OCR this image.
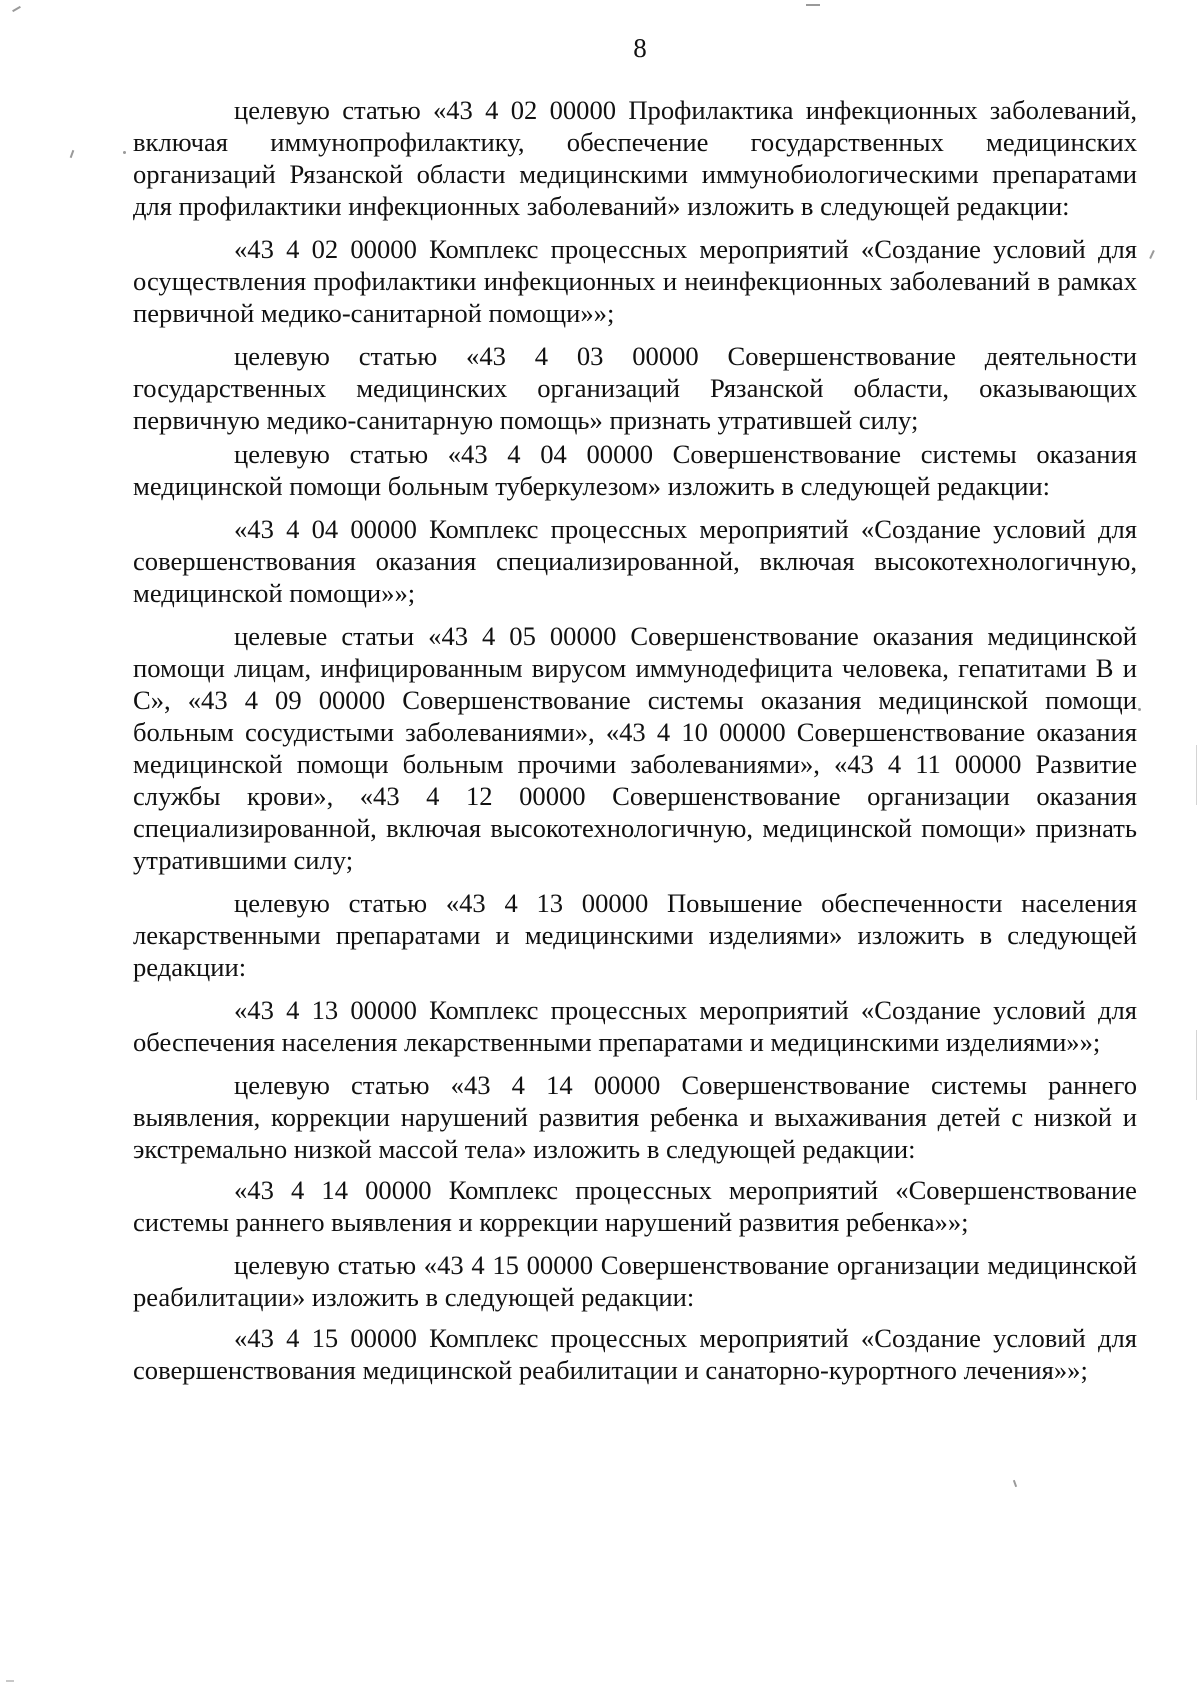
8

целевую статью «43 4 02 00000 Профилактика инфекционных заболеваний, включая иммунопрофилактику, обеспечение государственных медицинских организаций Рязанской области медицинскими иммунобиологическими препаратами для профилактики инфекционных заболеваний» изложить в следующей редакции:

«43 4 02 00000 Комплекс процессных мероприятий «Создание условий для осуществления профилактики инфекционных и неинфекционных заболеваний в рамках первичной медико-санитарной помощи»»;

целевую статью «43 4 03 00000 Совершенствование деятельности государственных медицинских организаций Рязанской области, оказывающих первичную медико-санитарную помощь» признать утратившей силу;

целевую статью «43 4 04 00000 Совершенствование системы оказания медицинской помощи больным туберкулезом» изложить в следующей редакции:

«43 4 04 00000 Комплекс процессных мероприятий «Создание условий для совершенствования оказания специализированной, включая высокотехнологичную, медицинской помощи»»;

целевые статьи «43 4 05 00000 Совершенствование оказания медицинской помощи лицам, инфицированным вирусом иммунодефицита человека, гепатитами В и С», «43 4 09 00000 Совершенствование системы оказания медицинской помощи больным сосудистыми заболеваниями», «43 4 10 00000 Совершенствование оказания медицинской помощи больным прочими заболеваниями», «43 4 11 00000 Развитие службы крови», «43 4 12 00000 Совершенствование организации оказания специализированной, включая высокотехнологичную, медицинской помощи» признать утратившими силу;

целевую статью «43 4 13 00000 Повышение обеспеченности населения лекарственными препаратами и медицинскими изделиями» изложить в следующей редакции:

«43 4 13 00000 Комплекс процессных мероприятий «Создание условий для обеспечения населения лекарственными препаратами и медицинскими изделиями»»;

целевую статью «43 4 14 00000 Совершенствование системы раннего выявления, коррекции нарушений развития ребенка и выхаживания детей с низкой и экстремально низкой массой тела» изложить в следующей редакции:

«43 4 14 00000 Комплекс процессных мероприятий «Совершенствование системы раннего выявления и коррекции нарушений развития ребенка»»;

целевую статью «43 4 15 00000 Совершенствование организации медицинской реабилитации» изложить в следующей редакции:

«43 4 15 00000 Комплекс процессных мероприятий «Создание условий для совершенствования медицинской реабилитации и санаторно-курортного лечения»»;
